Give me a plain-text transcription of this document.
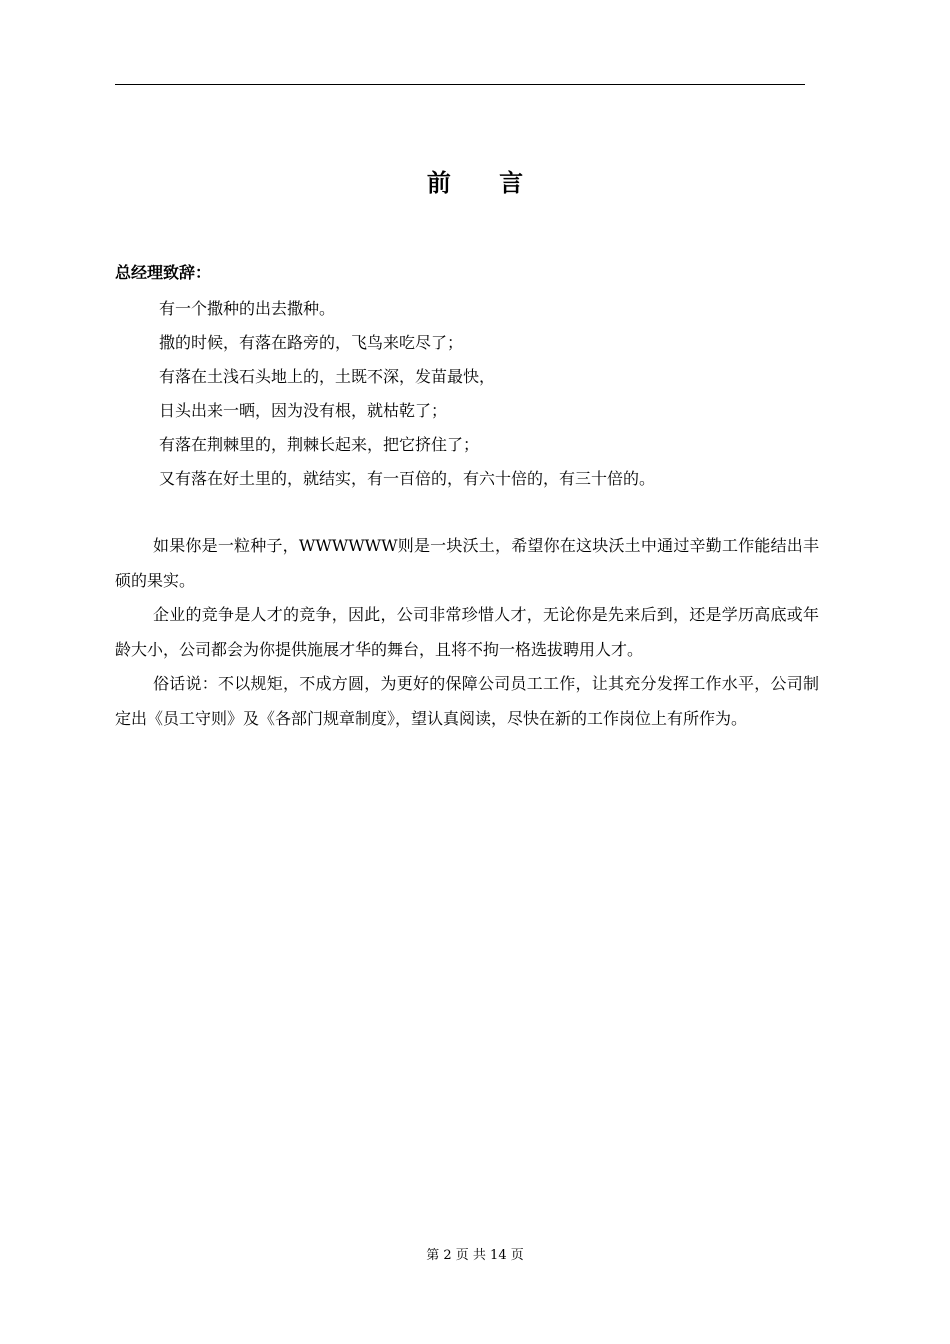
前 言
总经理致辞：
有一个撒种的出去撒种。
撒的时候，有落在路旁的，飞鸟来吃尽了；
有落在土浅石头地上的，土既不深，发苗最快，
日头出来一晒，因为没有根，就枯乾了；
有落在荆棘里的，荆棘长起来，把它挤住了；
又有落在好土里的，就结实，有一百倍的，有六十倍的，有三十倍的。

如果你是一粒种子，WWWWWW则是一块沃土，希望你在这块沃土中通过辛勤工作能结出丰硕的果实。

企业的竞争是人才的竞争，因此，公司非常珍惜人才，无论你是先来后到，还是学历高底或年龄大小，公司都会为你提供施展才华的舞台，且将不拘一格选拔聘用人才。

俗话说：不以规矩，不成方圆，为更好的保障公司员工工作，让其充分发挥工作水平，公司制定出《员工守则》及《各部门规章制度》，望认真阅读，尽快在新的工作岗位上有所作为。

第 2 页 共 14 页
